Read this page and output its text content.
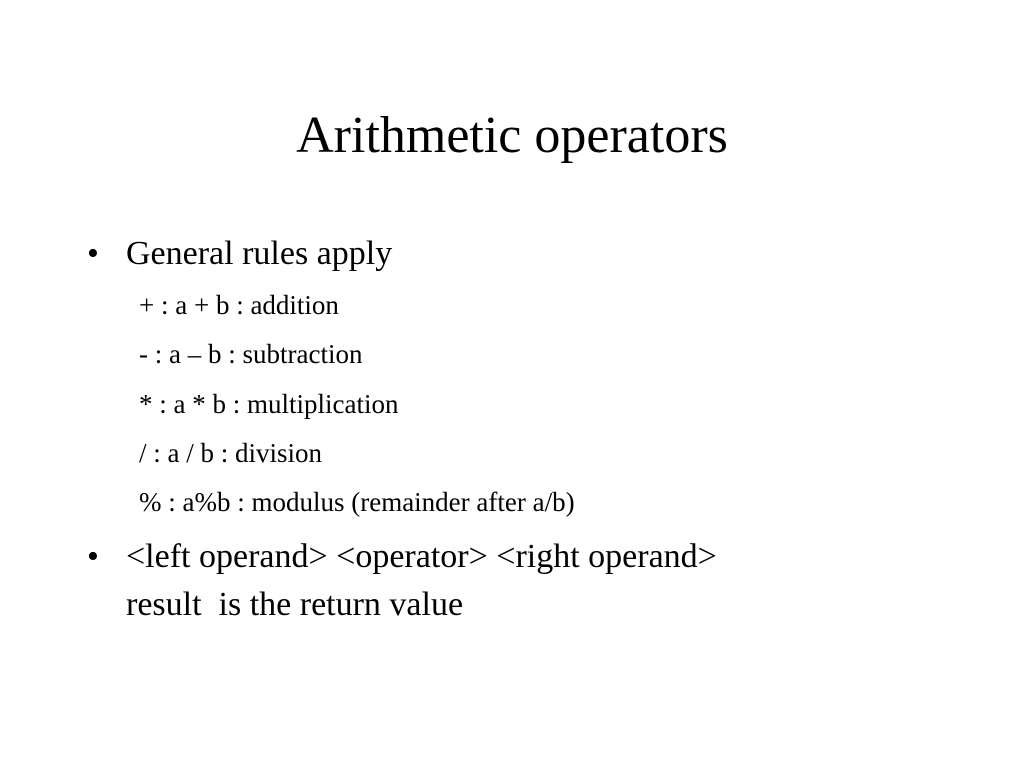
Arithmetic operators
• General rules apply
+ : a + b : addition
- : a – b : subtraction
* : a * b : multiplication
/ : a / b : division
% : a%b : modulus (remainder after a/b)
• <left operand> <operator> <right operand>
result  is the return value
